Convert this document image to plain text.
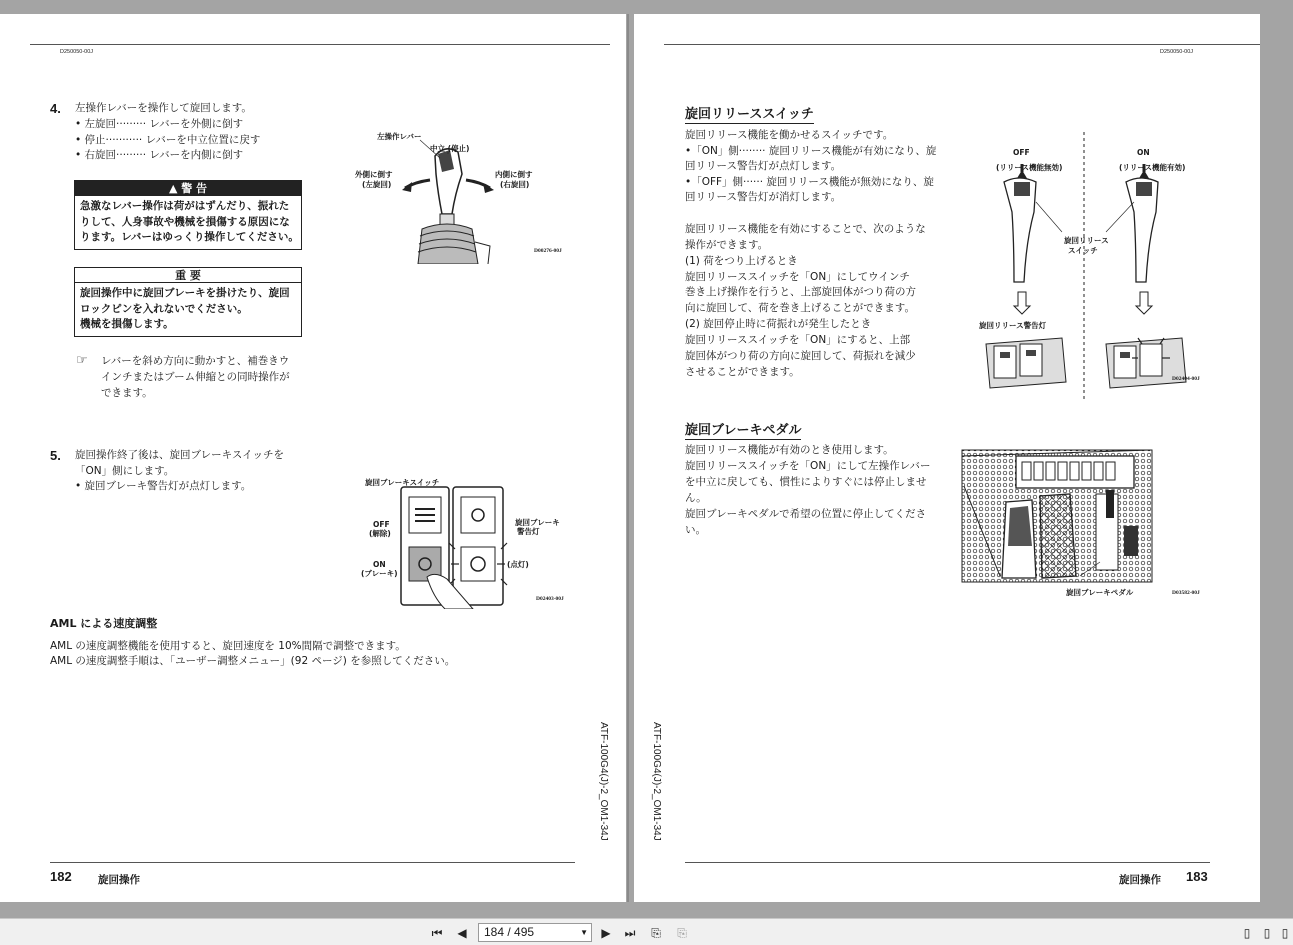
D250050-00J
4. 左操作レバーを操作して旋回します。
• 左旋回········· レバーを外側に倒す
• 停止··········· レバーを中立位置に戻す
• 右旋回········· レバーを内側に倒す
▲ 警 告
急激なレバー操作は荷がはずんだり、振れた
りして、人身事故や機械を損傷する原因にな
ります。レバーはゆっくり操作してください。
重 要
旋回操作中に旋回ブレーキを掛けたり、旋回
ロックピンを入れないでください。
機械を損傷します。
☞ レバーを斜め方向に動かすと、補巻きウ
インチまたはブーム伸縮との同時操作が
できます。
左操作レバー
中立 (停止)
外側に倒す
(左旋回)
内側に倒す
(右旋回)
D00276-00J
5. 旋回操作終了後は、旋回ブレーキスイッチを
「ON」側にします。
• 旋回ブレーキ警告灯が点灯します。	旋回ブレーキスイッチ
OFF
(解除)
ON
(ブレーキ)
旋回ブレーキ
警告灯
(点灯)
D02403-00J
AML による速度調整
AML の速度調整機能を使用すると、旋回速度を 10%間隔で調整できます。
AML の速度調整手順は、「ユーザー調整メニュー」(92 ページ) を参照してください。
ATF-100G4(J)-2_OM1-34J
182	旋回操作
D250050-00J
旋回リリーススイッチ
旋回リリース機能を働かせるスイッチです。
•「ON」側········ 旋回リリース機能が有効になり、旋
回リリース警告灯が点灯します。
•「OFF」側······ 旋回リリース機能が無効になり、旋
回リリース警告灯が消灯します。
旋回リリース機能を有効にすることで、次のような
操作ができます。
(1) 荷をつり上げるとき
旋回リリーススイッチを「ON」にしてウインチ
巻き上げ操作を行うと、上部旋回体がつり荷の方
向に旋回して、荷を巻き上げることができます。
(2) 旋回停止時に荷振れが発生したとき
旋回リリーススイッチを「ON」にすると、上部
旋回体がつり荷の方向に旋回して、荷振れを減少
させることができます。
OFF
(リリース機能無効)
ON
(リリース機能有効)
旋回リリース
スイッチ
旋回リリース警告灯
D02404-00J
旋回ブレーキペダル
旋回リリース機能が有効のとき使用します。
旋回リリーススイッチを「ON」にして左操作レバー
を中立に戻しても、慣性によりすぐには停止しませ
ん。
旋回ブレーキペダルで希望の位置に停止してくださ
い。
旋回ブレーキペダル	D03582-00J
ATF-100G4(J)-2_OM1-34J
旋回操作 183
⏮	◀	184 / 495	▼	▶	⏭	⎘	⎘	▯	▯ ▯
